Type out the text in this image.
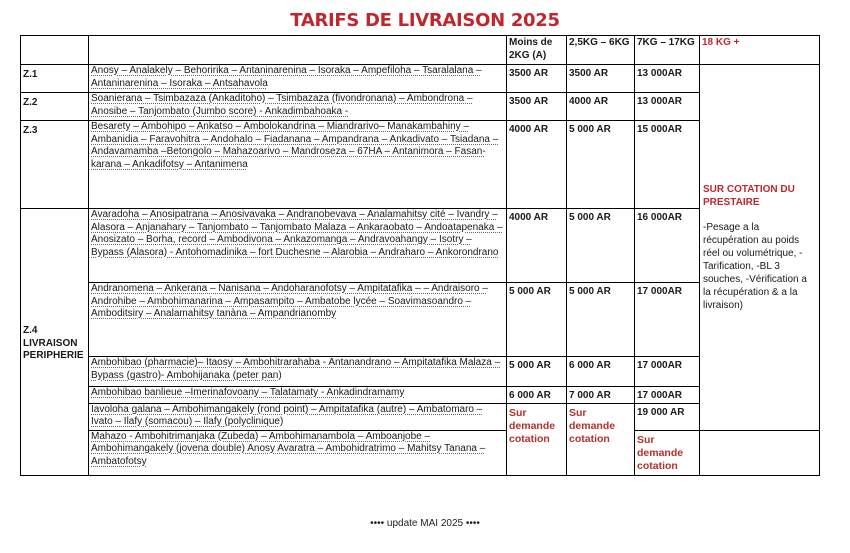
TARIFS DE LIVRAISON 2025
		Moins de 2KG (A)	2,5KG – 6KG	7KG – 17KG	18 KG +
Z.1	Anosy – Analakely – Behoririka – Antaninarenina – Isoraka – Ampefiloha – Tsaralalana – Antaninarenina – Isoraka – Antsahavola	3500 AR	3500 AR	13 000AR	SUR COTATION DU PRESTAIRE
-Pesage a la récupération au poids réel ou volumétrique, -Tarification, -BL 3 souches, -Vérification a la récupération & a la livraison)

Z.2	Soanierana – Tsimbazaza (Ankaditoho) – Tsimbazaza (fivondronana) – Ambondrona – Anosibe – Tanjombato (Jumbo score) - Ankadimbahoaka -	3500 AR	4000 AR	13 000AR	
Z.3	Besarety – Ambohipo – Ankatso – Ambolokandrina – Miandrarivo– Manakambahiny – Ambanidia – Faravohitra – Andohalo – Fiadanana – Ampandrana – Ankadivato – Tsiadana – Andavamamba –Betongolo – Mahazoarivo – Mandroseza – 67HA – Antanimora – Fasan-karana – Ankadifotsy – Antanimena	4000 AR	5 000 AR	15 000AR	
Z.4 LIVRAISON PERIPHERIE	Avaradoha – Anosipatrana – Anosivavaka – Andranobevava – Analamahitsy cité – Ivandry – Alasora – Anjanahary – Tanjombato – Tanjombato Malaza – Ankaraobato – Andoatapenaka – Anosizato – Borha, record – Ambodivona – Ankazomanga – Andravoahangy – Isotry – Bypass (Alasora) - Antohomadinika – fort Duchesne – Alarobia – Andraharo – Ankorondrano	4000 AR	5 000 AR	16 000AR	
	Andranomena – Ankerana – Nanisana – Andoharanofotsy – Ampitatafika – – Andraisoro – Androhibe – Ambohimanarina – Ampasampito – Ambatobe lycée – Soavimasoandro – Amboditsiry – Analamahitsy tanàna – Ampandrianomby	5 000 AR	5 000 AR	17 000AR	
	Ambohibao (pharmacie)– Itaosy – Ambohitrarahaba - Antanandrano – Ampitatafika Malaza – Bypass (gastro)- Ambohijanaka (peter pan)	5 000 AR	6 000 AR	17 000AR	
	Ambohibao banlieue –Imerinafovoany – Talatamaty - Ankadindramamy	6 000 AR	7 000 AR	17 000AR	
	Iavoloha galana – Ambohimangakely (rond point) – Ampitatafika (autre) – Ambatomaro – Ivato – Ilafy (somacou) – Ilafy (polyclinique)	Sur demande cotation	Sur demande cotation	19 000 AR	
	Mahazo - Ambohitrimanjaka (Zubeda) – Ambohimanambola – Amboanjobe – Ambohimangakely (jovena double) Anosy Avaratra – Ambohidratrimo – Mahitsy Tanana – Ambatofotsy			Sur demande cotation	
•••• update MAI 2025 ••••
